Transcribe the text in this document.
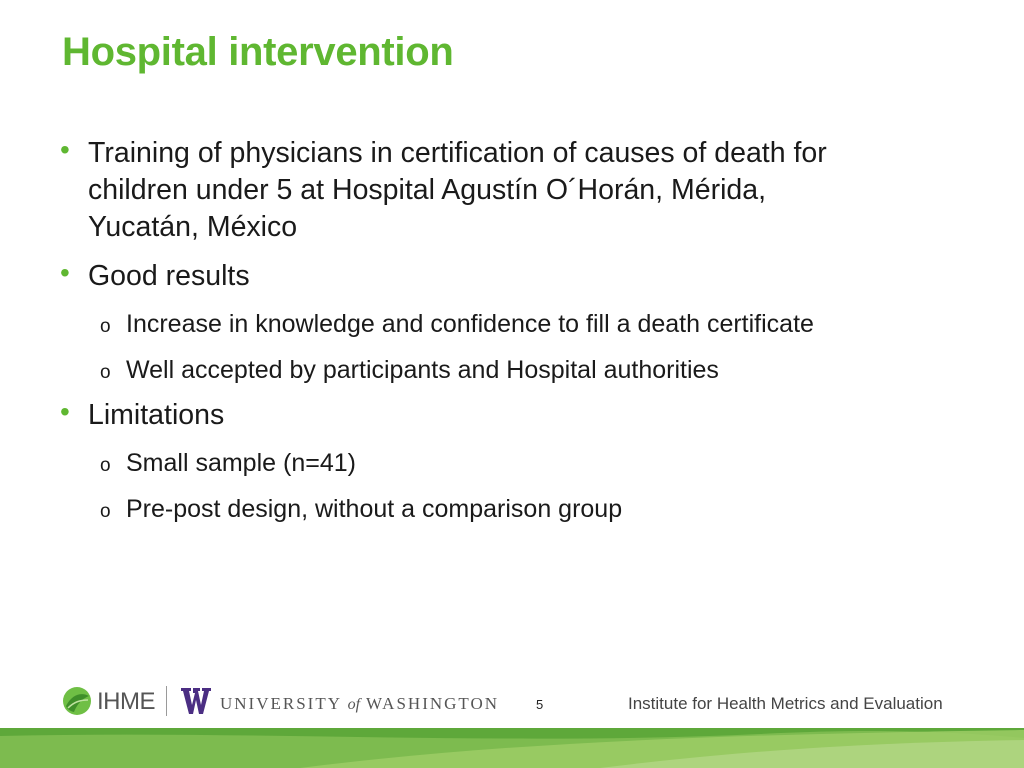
Hospital intervention
• Training of physicians in certification of causes of death for
children under 5 at Hospital Agustín O´Horán, Mérida,
Yucatán, México
• Good results
o Increase in knowledge and confidence to fill a death certificate
o Well accepted by participants and Hospital authorities
• Limitations
o Small sample (n=41)
o Pre-post design, without a comparison group
IHME	UNIVERSITY of WASHINGTON	5	Institute for Health Metrics and Evaluation
